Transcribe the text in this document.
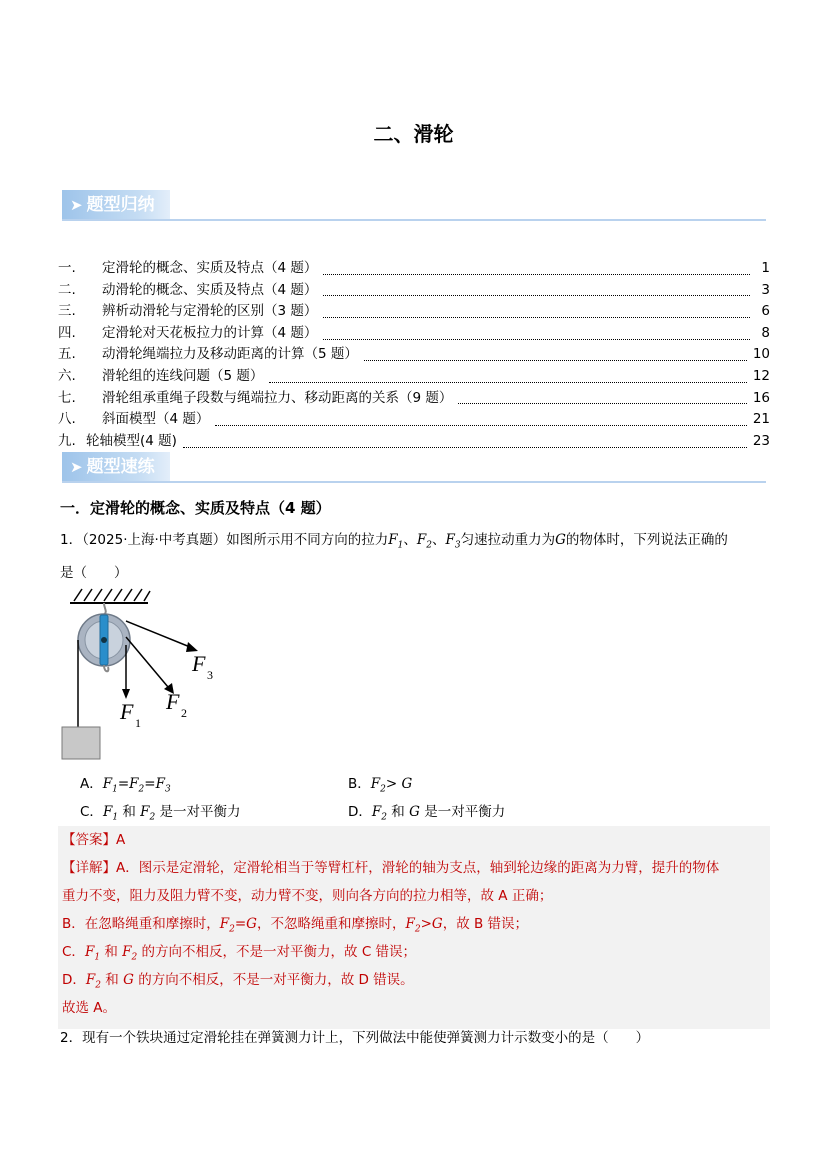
二、滑轮
➤ 题型归纳
一.	定滑轮的概念、实质及特点（4 题）	1
二.	动滑轮的概念、实质及特点（4 题）	3
三.	辨析动滑轮与定滑轮的区别（3 题）	6
四.	定滑轮对天花板拉力的计算（4 题）	8
五.	动滑轮绳端拉力及移动距离的计算（5 题）	10
六.	滑轮组的连线问题（5 题）	12
七.	滑轮组承重绳子段数与绳端拉力、移动距离的关系（9 题）	16
八.	斜面模型（4 题）	21
九. 轮轴模型(4 题)	23
➤ 题型速练
一．定滑轮的概念、实质及特点（4 题）
1．（2025·上海·中考真题）如图所示用不同方向的拉力$F_1$、$F_2$、$F_3$匀速拉动重力为G的物体时，下列说法正确的
是（　　）
F 1
F 2
F 3
A．$F_1=F_2=F_3$	B．$F_2> G$
C．$F_1$ 和 $F_2$ 是一对平衡力	D．$F_2$ 和 G 是一对平衡力
【答案】A
【详解】A．图示是定滑轮，定滑轮相当于等臂杠杆，滑轮的轴为支点，轴到轮边缘的距离为力臂，提升的物体
重力不变，阻力及阻力臂不变，动力臂不变，则向各方向的拉力相等，故 A 正确；
B．在忽略绳重和摩擦时，$F_2=G$，不忽略绳重和摩擦时，$F_2>G$，故 B 错误；
C．$F_1$ 和 $F_2$ 的方向不相反，不是一对平衡力，故 C 错误；
D．$F_2$ 和 G 的方向不相反，不是一对平衡力，故 D 错误。
故选 A。
2．现有一个铁块通过定滑轮挂在弹簧测力计上，下列做法中能使弹簧测力计示数变小的是（　　）
